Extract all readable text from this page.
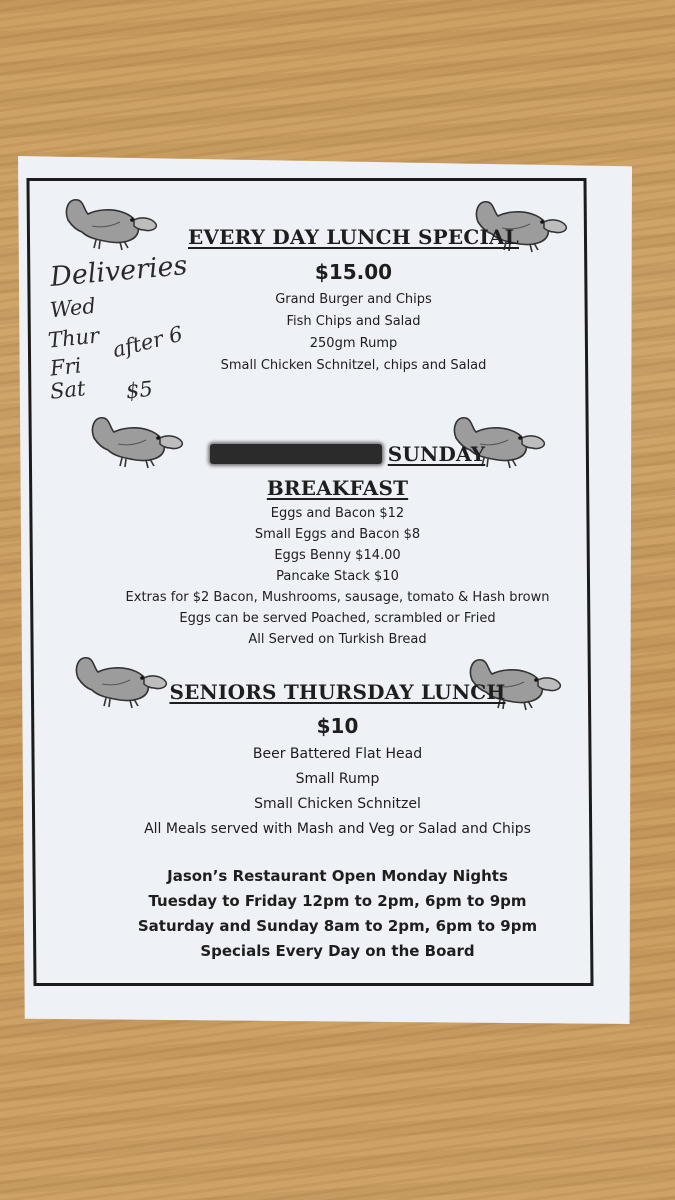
Deliveries
Wed
Thur
Fri
Sat
after 6
$5
EVERY DAY LUNCH SPECIAL
$15.00
Grand Burger and Chips
Fish Chips and Salad
250gm Rump
Small Chicken Schnitzel, chips and Salad
SUNDAY
BREAKFAST
Eggs and Bacon $12
Small Eggs and Bacon $8
Eggs Benny $14.00
Pancake Stack $10
Extras for $2 Bacon, Mushrooms, sausage, tomato & Hash brown
Eggs can be served Poached, scrambled or Fried
All Served on Turkish Bread
SENIORS THURSDAY LUNCH
$10
Beer Battered Flat Head
Small Rump
Small Chicken Schnitzel
All Meals served with Mash and Veg or Salad and Chips
Jason’s Restaurant Open Monday Nights
Tuesday to Friday 12pm to 2pm, 6pm to 9pm
Saturday and Sunday 8am to 2pm, 6pm to 9pm
Specials Every Day on the Board
